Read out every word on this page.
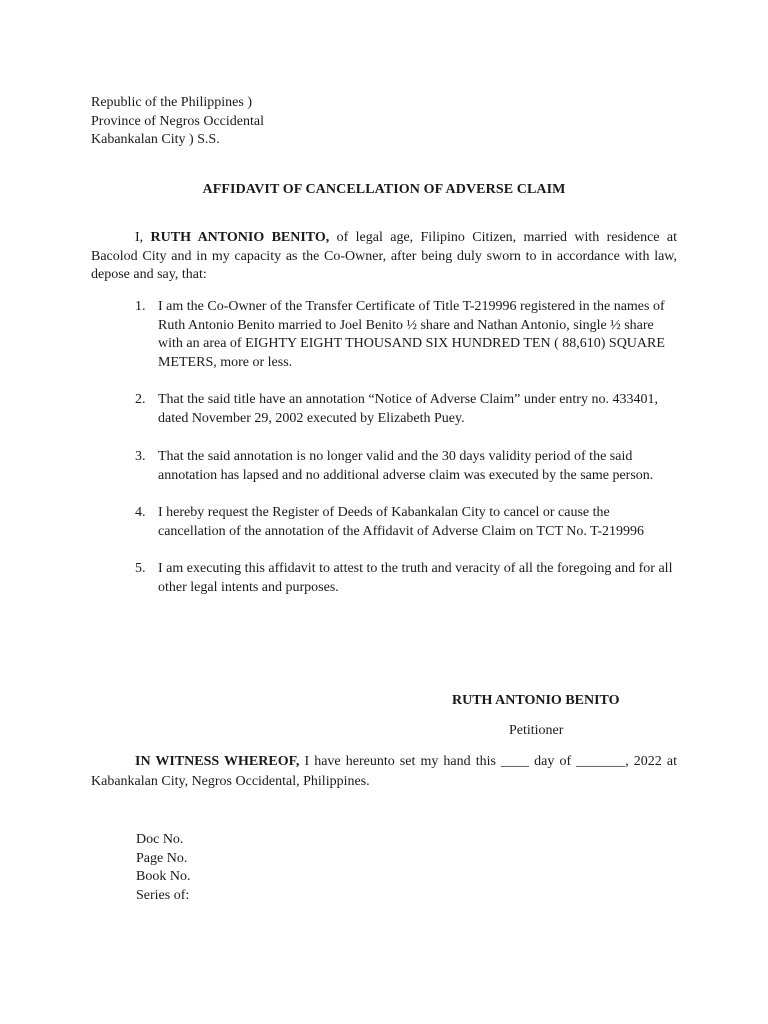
Republic of the Philippines )
Province of Negros Occidental
Kabankalan City ) S.S.
AFFIDAVIT OF CANCELLATION OF ADVERSE CLAIM
I, RUTH ANTONIO BENITO, of legal age, Filipino Citizen, married with residence at Bacolod City and in my capacity as the Co-Owner, after being duly sworn to in accordance with law, depose and say, that:
1. I am the Co-Owner of the Transfer Certificate of Title T-219996 registered in the names of Ruth Antonio Benito married to Joel Benito ½ share and Nathan Antonio, single ½ share with an area of EIGHTY EIGHT THOUSAND SIX HUNDRED TEN ( 88,610) SQUARE METERS, more or less.
2. That the said title have an annotation “Notice of Adverse Claim” under entry no. 433401, dated November 29, 2002 executed by Elizabeth Puey.
3. That the said annotation is no longer valid and the 30 days validity period of the said annotation has lapsed and no additional adverse claim was executed by the same person.
4. I hereby request the Register of Deeds of Kabankalan City to cancel or cause the cancellation of the annotation of the Affidavit of Adverse Claim on TCT No. T-219996
5. I am executing this affidavit to attest to the truth and veracity of all the foregoing and for all other legal intents and purposes.
RUTH ANTONIO BENITO
Petitioner
IN WITNESS WHEREOF, I have hereunto set my hand this ____ day of _______, 2022 at Kabankalan City, Negros Occidental, Philippines.
Doc No.
Page No.
Book No.
Series of:
